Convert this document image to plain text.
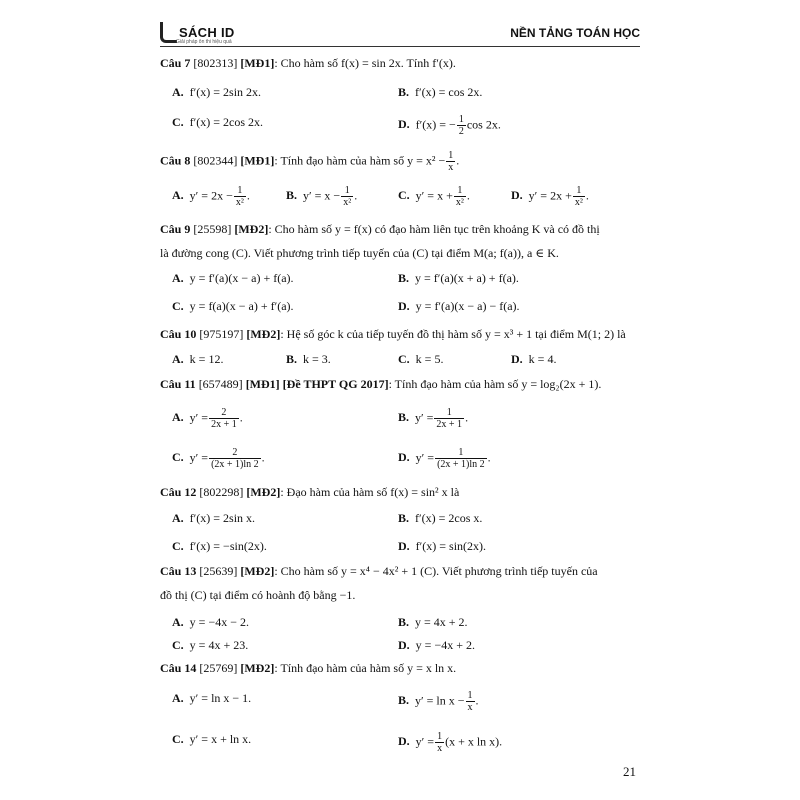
SÁCH ID
Giải pháp ôn thi hiệu quả
NỀN TẢNG TOÁN HỌC
Câu 7 [802313] [MĐ1]: Cho hàm số f(x) = sin 2x. Tính f′(x).
A. f′(x) = 2sin 2x.	B. f′(x) = cos 2x.
C. f′(x) = 2cos 2x.	D. f′(x) = − $\frac{1}{2}$ cos 2x.
Câu 8 [802344] [MĐ1]: Tính đạo hàm của hàm số $y = x^2 - \frac{1}{x}$ .
A. $y' = 2x - \frac{1}{\text{x²}}$ .	B. $y' = x - \frac{1}{\text{x²}}$ .	C. $y' = x + \frac{1}{\text{x²}}$ .	D. $y' = 2x + \frac{1}{\text{x²}}$ .
Câu 9 [25598] [MĐ2]: Cho hàm số y = f(x) có đạo hàm liên tục trên khoảng K và có đồ thị
là đường cong (C). Viết phương trình tiếp tuyến của (C) tại điểm M(a; f(a)), a ∈ K.
A. y = f′(a)(x − a) + f(a).	B. y = f′(a)(x + a) + f(a).
C. y = f(a)(x − a) + f′(a).	D. y = f′(a)(x − a) − f(a).
Câu 10 [975197] [MĐ2]: Hệ số góc k của tiếp tuyến đồ thị hàm số y = x³ + 1 tại điểm M(1; 2) là
A. k = 12.	B. k = 3.	C. k = 5.	D. k = 4.
Câu 11 [657489] [MĐ1] [Đề THPT QG 2017]: Tính đạo hàm của hàm số y = log₂(2x + 1).
A. $y' = \frac{2}{2x + 1}$ .	B. $y' = \frac{1}{2x + 1}$ .
C. $y' = \frac{2}{(2x + 1)\ln 2}$ .	D. $y' = \frac{1}{(2x + 1)\ln 2}$ .
Câu 12 [802298] [MĐ2]: Đạo hàm của hàm số f(x) = sin² x là
A. f′(x) = 2sin x.	B. f′(x) = 2cos x.
C. f′(x) = −sin(2x).	D. f′(x) = sin(2x).
Câu 13 [25639] [MĐ2]: Cho hàm số y = x⁴ − 4x² + 1 (C). Viết phương trình tiếp tuyến của
đồ thị (C) tại điểm có hoành độ bằng −1.
A. y = −4x − 2.	B. y = 4x + 2.
C. y = 4x + 23.	D. y = −4x + 2.
Câu 14 [25769] [MĐ2]: Tính đạo hàm của hàm số y = x ln x.
A. y′ = ln x − 1.	B. $y' = \ln x - \frac{1}{x}$ .
C. y′ = x + ln x.	D. $y' = \frac{1}{x} (x + x$ ln x).
21
